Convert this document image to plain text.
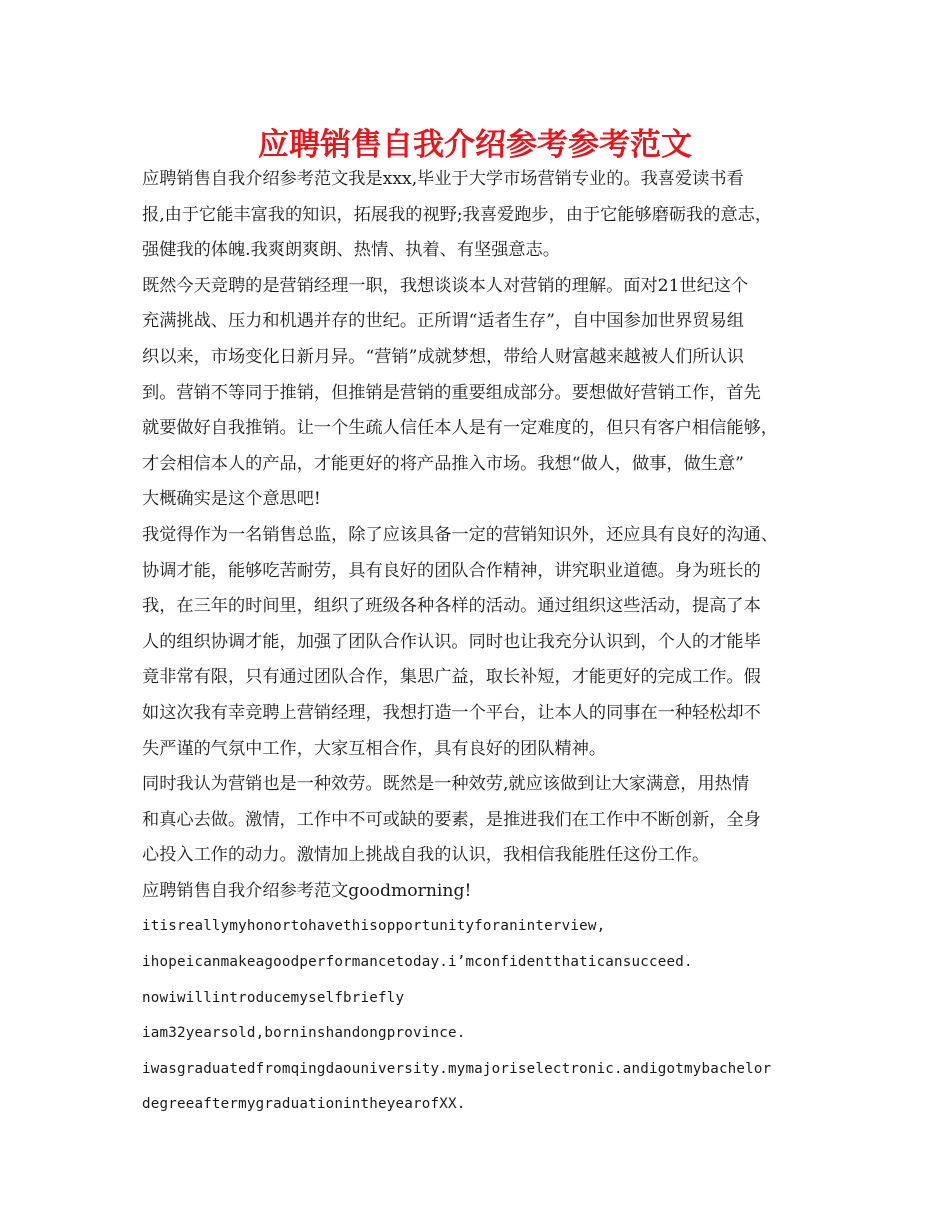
应聘销售自我介绍参考参考范文

应聘销售自我介绍参考范文我是xxx,毕业于大学市场营销专业的。我喜爱读书看
报,由于它能丰富我的知识，拓展我的视野;我喜爱跑步，由于它能够磨砺我的意志，
强健我的体魄.我爽朗爽朗、热情、执着、有坚强意志。

既然今天竞聘的是营销经理一职，我想谈谈本人对营销的理解。面对21世纪这个
充满挑战、压力和机遇并存的世纪。正所谓“适者生存”，自中国参加世界贸易组
织以来，市场变化日新月异。“营销”成就梦想，带给人财富越来越被人们所认识
到。营销不等同于推销，但推销是营销的重要组成部分。要想做好营销工作，首先
就要做好自我推销。让一个生疏人信任本人是有一定难度的，但只有客户相信能够，
才会相信本人的产品，才能更好的将产品推入市场。我想“做人，做事，做生意”
大概确实是这个意思吧!

我觉得作为一名销售总监，除了应该具备一定的营销知识外，还应具有良好的沟通、
协调才能，能够吃苦耐劳，具有良好的团队合作精神，讲究职业道德。身为班长的
我，在三年的时间里，组织了班级各种各样的活动。通过组织这些活动，提高了本
人的组织协调才能，加强了团队合作认识。同时也让我充分认识到，个人的才能毕
竟非常有限，只有通过团队合作，集思广益，取长补短，才能更好的完成工作。假
如这次我有幸竞聘上营销经理，我想打造一个平台，让本人的同事在一种轻松却不
失严谨的气氛中工作，大家互相合作，具有良好的团队精神。

同时我认为营销也是一种效劳。既然是一种效劳,就应该做到让大家满意，用热情
和真心去做。激情，工作中不可或缺的要素，是推进我们在工作中不断创新，全身
心投入工作的动力。激情加上挑战自我的认识，我相信我能胜任这份工作。

应聘销售自我介绍参考范文goodmorning!

itisreallymyhonortohavethisopportunityforaninterview,
ihopeicanmakeagoodperformancetoday.i’mconfidentthaticansucceed.
nowiwillintroducemyselfbriefly
iam32yearsold,borninshandongprovince.
iwasgraduatedfromqingdaouniversity.mymajoriselectronic.andigotmybachelor
degreeaftermygraduationintheyearofXX.
